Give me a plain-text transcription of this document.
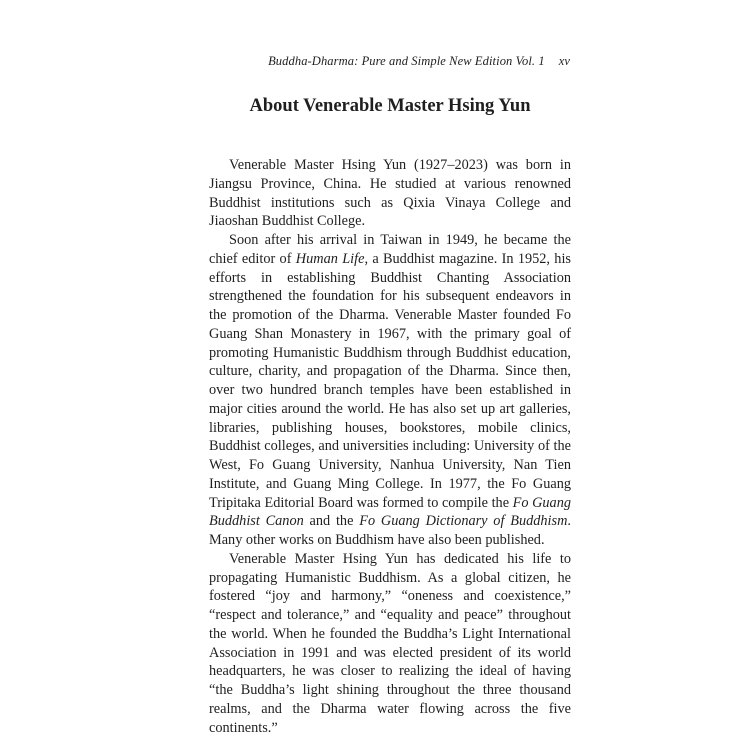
Buddha-Dharma: Pure and Simple New Edition Vol. 1 xv
About Venerable Master Hsing Yun

Venerable Master Hsing Yun (1927–2023) was born in Jiangsu Province, China. He studied at various renowned Buddhist institutions such as Qixia Vinaya College and Jiaoshan Buddhist College.

Soon after his arrival in Taiwan in 1949, he became the chief editor of Human Life, a Buddhist magazine. In 1952, his efforts in establishing Buddhist Chanting Association strengthened the foundation for his subsequent endeavors in the promotion of the Dharma. Venerable Master founded Fo Guang Shan Monastery in 1967, with the primary goal of promoting Humanistic Buddhism through Buddhist education, culture, charity, and propagation of the Dharma. Since then, over two hundred branch temples have been established in major cities around the world. He has also set up art galleries, libraries, publishing houses, bookstores, mobile clinics, Buddhist colleges, and universities including: University of the West, Fo Guang University, Nanhua University, Nan Tien Institute, and Guang Ming College. In 1977, the Fo Guang Tripitaka Editorial Board was formed to compile the Fo Guang Buddhist Canon and the Fo Guang Dictionary of Buddhism. Many other works on Buddhism have also been published.

Venerable Master Hsing Yun has dedicated his life to propagating Humanistic Buddhism. As a global citizen, he fostered “joy and harmony,” “oneness and coexistence,” “respect and tolerance,” and “equality and peace” throughout the world. When he founded the Buddha’s Light International Association in 1991 and was elected president of its world headquarters, he was closer to realizing the ideal of having “the Buddha’s light shining throughout the three thousand realms, and the Dharma water flowing across the five continents.”
